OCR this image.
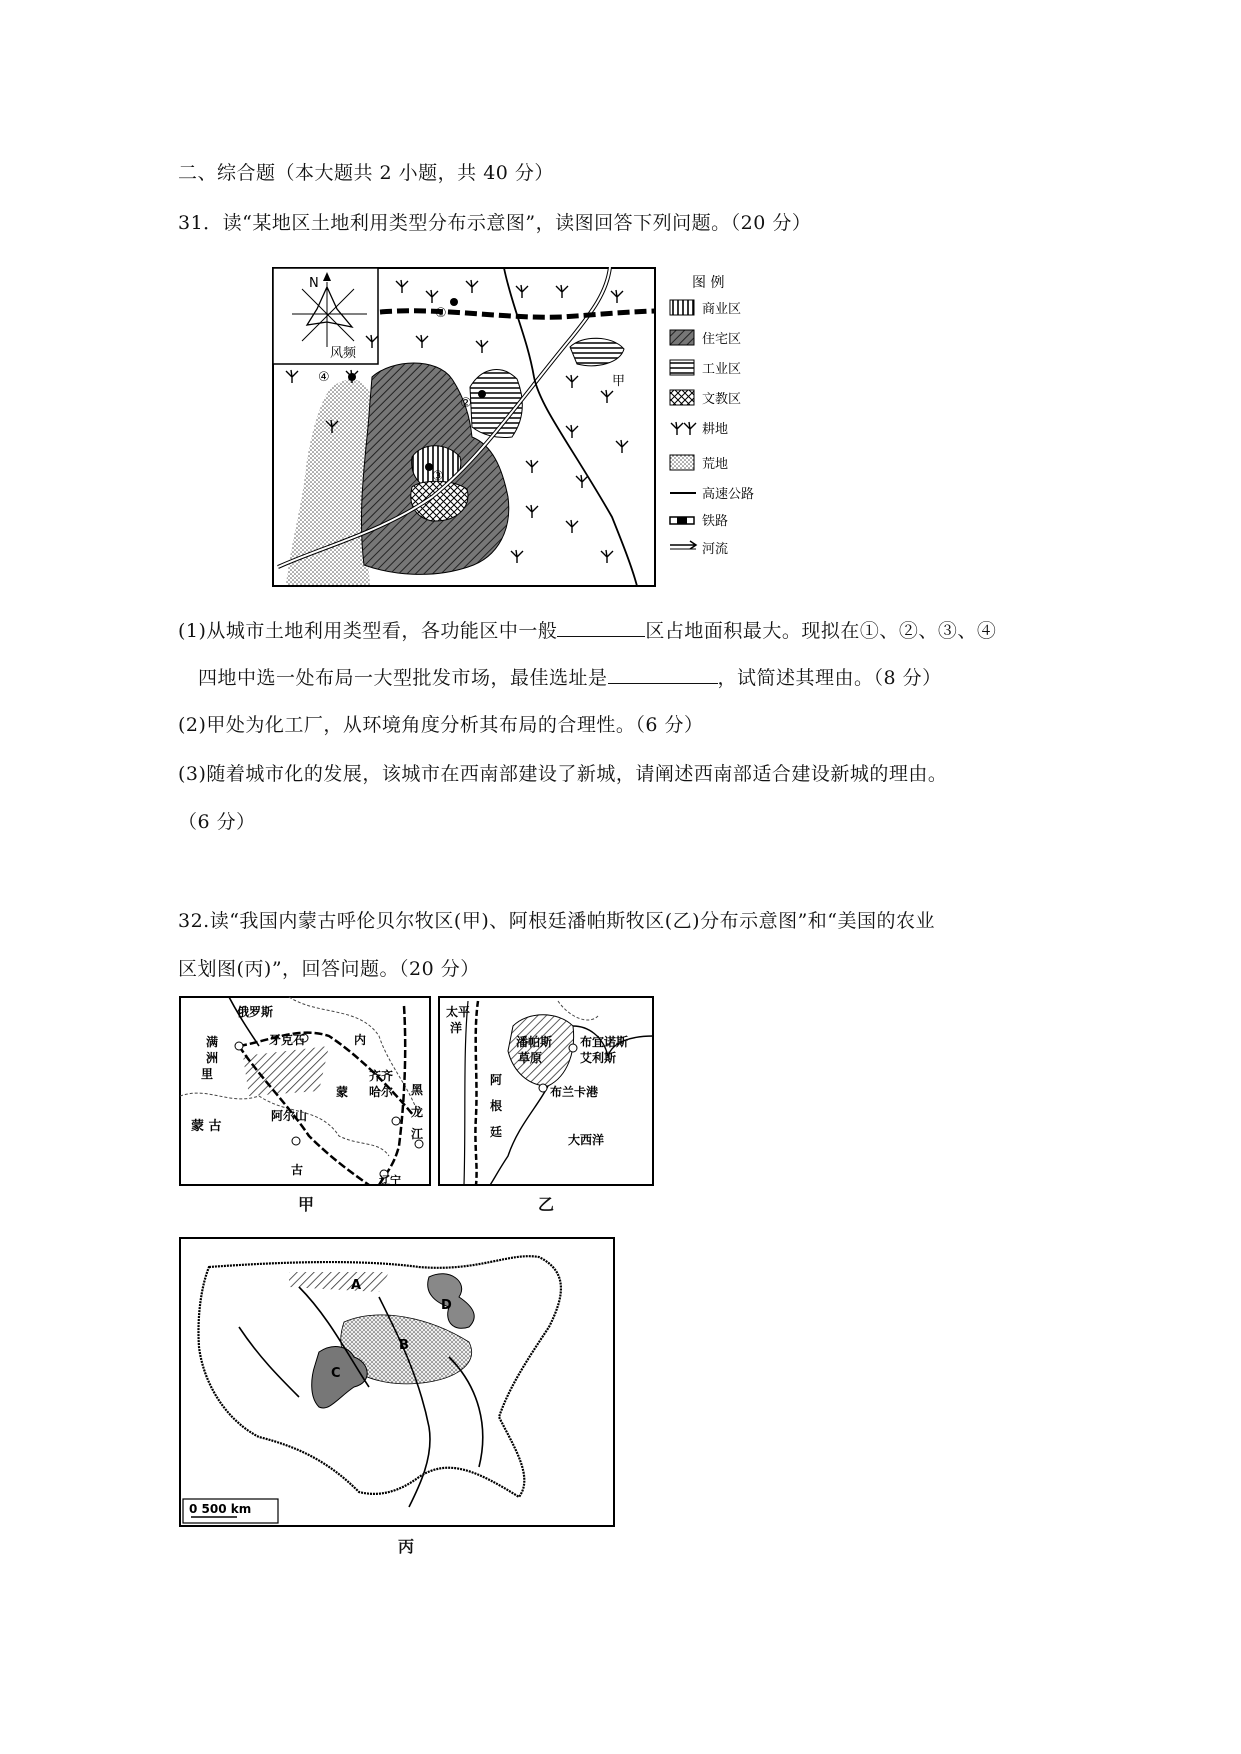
二、综合题（本大题共 2 小题，共 40 分）
31．读“某地区土地利用类型分布示意图”，读图回答下列问题。（20 分）
N
风频
①
②
③
④	甲
图 例
商业区
住宅区
工业区
文教区
耕地
荒地
高速公路
铁路
河流
(1)从城市土地利用类型看，各功能区中一般	区占地面积最大。现拟在①、②、③、④
四地中选一处布局一大型批发市场，最佳选址是	，试简述其理由。（8 分）
(2)甲处为化工厂，从环境角度分析其布局的合理性。（6 分）
(3)随着城市化的发展，该城市在西南部建设了新城，请阐述西南部适合建设新城的理由。
（6 分）
32.读“我国内蒙古呼伦贝尔牧区(甲)、阿根廷潘帕斯牧区(乙)分布示意图”和“美国的农业
区划图(丙)”，回答问题。（20 分）
俄罗斯
满
洲
里
牙克石	内
蒙
齐齐
哈尔 黑
龙
江
阿尔山
蒙 古
古
辽宁
甲
太平
洋
潘帕斯
草原
布宜诺斯
艾利斯
阿
根
廷
布兰卡港
大西洋
乙
A
B
C
D
0 500 km
丙
